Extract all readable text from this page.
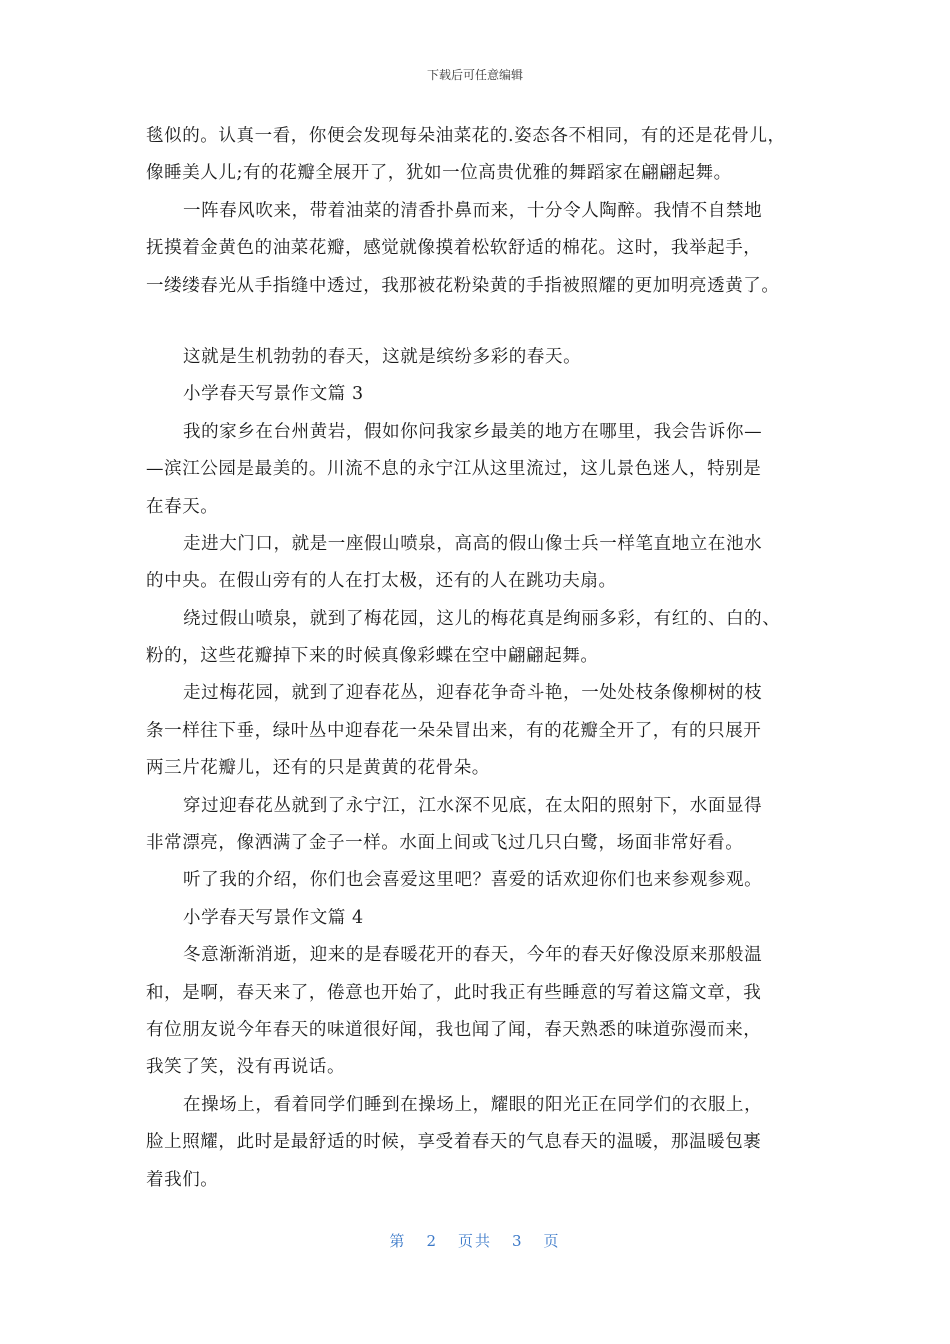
下载后可任意编辑
毯似的。认真一看，你便会发现每朵油菜花的.姿态各不相同，有的还是花骨儿，
像睡美人儿;有的花瓣全展开了，犹如一位高贵优雅的舞蹈家在翩翩起舞。
一阵春风吹来，带着油菜的清香扑鼻而来，十分令人陶醉。我情不自禁地
抚摸着金黄色的油菜花瓣，感觉就像摸着松软舒适的棉花。这时，我举起手，
一缕缕春光从手指缝中透过，我那被花粉染黄的手指被照耀的更加明亮透黄了。
这就是生机勃勃的春天，这就是缤纷多彩的春天。
小学春天写景作文篇 3
我的家乡在台州黄岩，假如你问我家乡最美的地方在哪里，我会告诉你—
—滨江公园是最美的。川流不息的永宁江从这里流过，这儿景色迷人，特别是
在春天。
走进大门口，就是一座假山喷泉，高高的假山像士兵一样笔直地立在池水
的中央。在假山旁有的人在打太极，还有的人在跳功夫扇。
绕过假山喷泉，就到了梅花园，这儿的梅花真是绚丽多彩，有红的、白的、
粉的，这些花瓣掉下来的时候真像彩蝶在空中翩翩起舞。
走过梅花园，就到了迎春花丛，迎春花争奇斗艳，一处处枝条像柳树的枝
条一样往下垂，绿叶丛中迎春花一朵朵冒出来，有的花瓣全开了，有的只展开
两三片花瓣儿，还有的只是黄黄的花骨朵。
穿过迎春花丛就到了永宁江，江水深不见底，在太阳的照射下，水面显得
非常漂亮，像洒满了金子一样。水面上间或飞过几只白鹭，场面非常好看。
听了我的介绍，你们也会喜爱这里吧？喜爱的话欢迎你们也来参观参观。
小学春天写景作文篇 4
冬意渐渐消逝，迎来的是春暖花开的春天，今年的春天好像没原来那般温
和，是啊，春天来了，倦意也开始了，此时我正有些睡意的写着这篇文章，我
有位朋友说今年春天的味道很好闻，我也闻了闻，春天熟悉的味道弥漫而来，
我笑了笑，没有再说话。
在操场上，看着同学们睡到在操场上，耀眼的阳光正在同学们的衣服上，
脸上照耀，此时是最舒适的时候，享受着春天的气息春天的温暖，那温暖包裹
着我们。
第 2 页共 3 页
